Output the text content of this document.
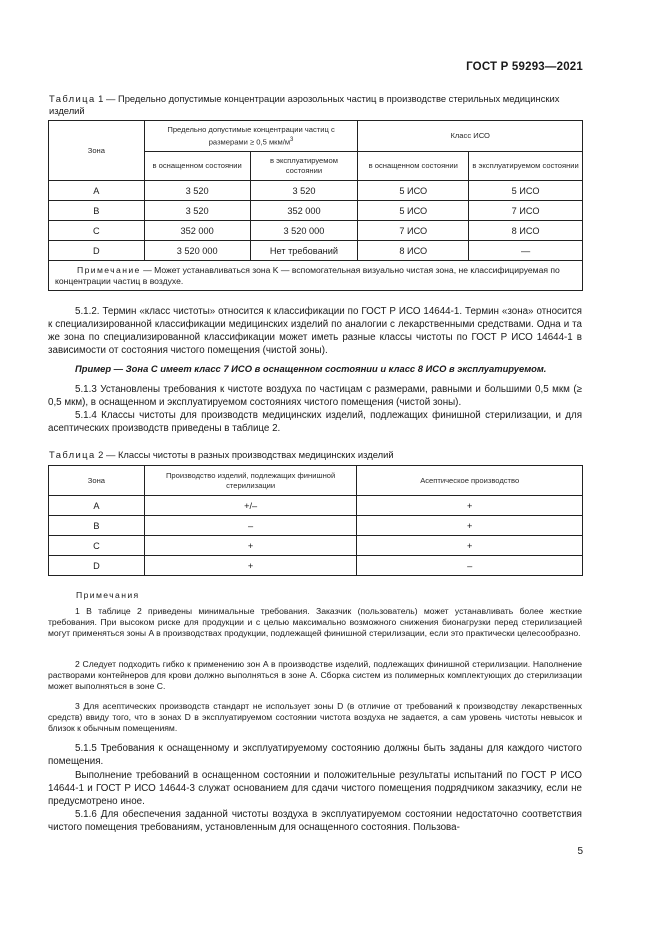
ГОСТ Р 59293—2021
Таблица 1 — Предельно допустимые концентрации аэрозольных частиц в производстве стерильных медицинских изделий
Зона	Предельно допустимые концентрации частиц с размерами ≥ 0,5 мкм/$м^3$		Класс ИСО	
	в оснащенном состоянии	в эксплуатируемом состоянии	в оснащенном состоянии	в эксплуатируемом состоянии
A	3 520	3 520	5 ИСО	5 ИСО
B	3 520	352 000	5 ИСО	7 ИСО
C	352 000	3 520 000	7 ИСО	8 ИСО
D	3 520 000	Нет требований	8 ИСО	—
Примечание — Может устанавливаться зона K — вспомогательная визуально чистая зона, не классифицируемая по концентрации частиц в воздухе.				
5.1.2. Термин «класс чистоты» относится к классификации по ГОСТ Р ИСО 14644-1. Термин «зона» относится к специализированной классификации медицинских изделий по аналогии с лекарственными средствами. Одна и та же зона по специализированной классификации может иметь разные классы чистоты по ГОСТ Р ИСО 14644-1 в зависимости от состояния чистого помещения (чистой зоны).
Пример — Зона C имеет класс 7 ИСО в оснащенном состоянии и класс 8 ИСО в эксплуатируемом.
5.1.3 Установлены требования к чистоте воздуха по частицам с размерами, равными и большими 0,5 мкм (≥ 0,5 мкм), в оснащенном и эксплуатируемом состояниях чистого помещения (чистой зоны).
5.1.4 Классы чистоты для производств медицинских изделий, подлежащих финишной стерилизации, и для асептических производств приведены в таблице 2.
Таблица 2 — Классы чистоты в разных производствах медицинских изделий
Зона	Производство изделий, подлежащих финишной стерилизации	Асептическое производство
A	+/–	+
B	–	+
C	+	+
D	+	–
Примечания
1 В таблице 2 приведены минимальные требования. Заказчик (пользователь) может устанавливать более жесткие требования. При высоком риске для продукции и с целью максимально возможного снижения бионагрузки перед стерилизацией могут применяться зоны A в производствах продукции, подлежащей финишной стерилизации, если это практически целесообразно.
2 Следует подходить гибко к применению зон A в производстве изделий, подлежащих финишной стерилизации. Наполнение растворами контейнеров для крови должно выполняться в зоне A. Сборка систем из полимерных комплектующих до стерилизации может выполняться в зоне C.
3 Для асептических производств стандарт не использует зоны D (в отличие от требований к производству лекарственных средств) ввиду того, что в зонах D в эксплуатируемом состоянии чистота воздуха не задается, а сам уровень чистоты невысок и близок к обычным помещениям.
5.1.5 Требования к оснащенному и эксплуатируемому состоянию должны быть заданы для каждого чистого помещения.
Выполнение требований в оснащенном состоянии и положительные результаты испытаний по ГОСТ Р ИСО 14644-1 и ГОСТ Р ИСО 14644-3 служат основанием для сдачи чистого помещения подрядчиком заказчику, если не предусмотрено иное.
5.1.6 Для обеспечения заданной чистоты воздуха в эксплуатируемом состоянии недостаточно соответствия чистого помещения требованиям, установленным для оснащенного состояния. Пользова-
5
